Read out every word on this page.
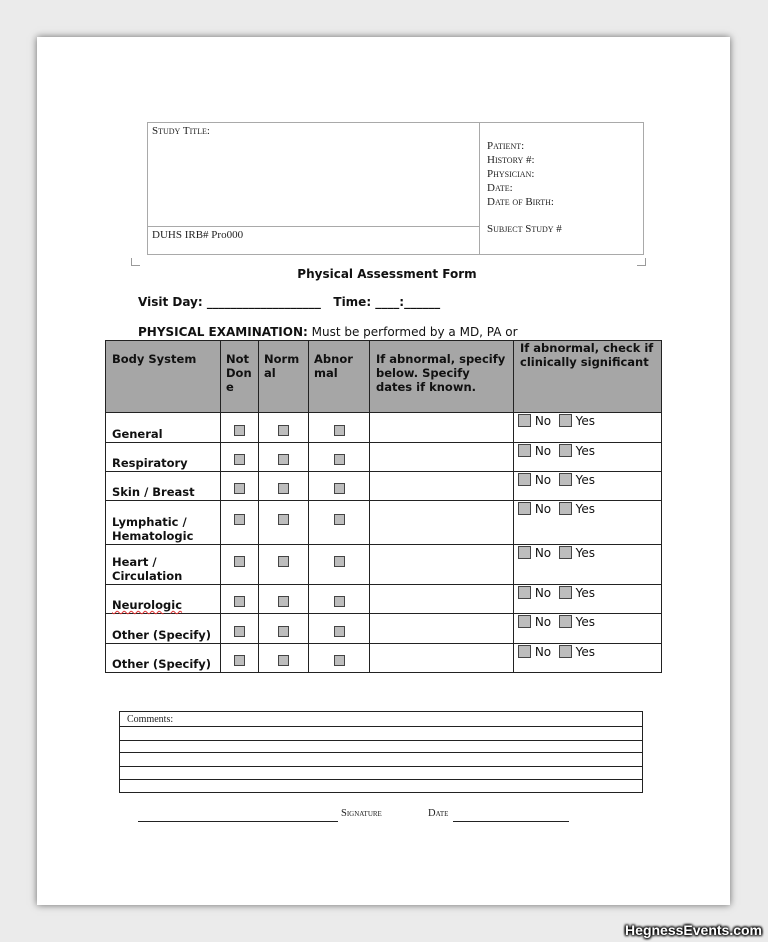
Study Title:
DUHS IRB# Pro000
Patient:
History #:
Physician:
Date:
Date of Birth:
Subject Study #
Physical Assessment Form
Visit Day: ___________________   Time: ____:______
PHYSICAL EXAMINATION: Must be performed by a MD, PA or
Body System	Not Don e	Norm al	Abnor mal	If abnormal, specify below. Specify dates if known.	If abnormal, check if clinically significant
General					No Yes
Respiratory					No Yes
Skin / Breast					No Yes
Lymphatic / Hematologic					No Yes
Heart / Circulation					No Yes
Neurologic					No Yes
Other (Specify)					No Yes
Other (Specify)					No Yes
Comments:
Signature	Date
HegnessEvents.com
